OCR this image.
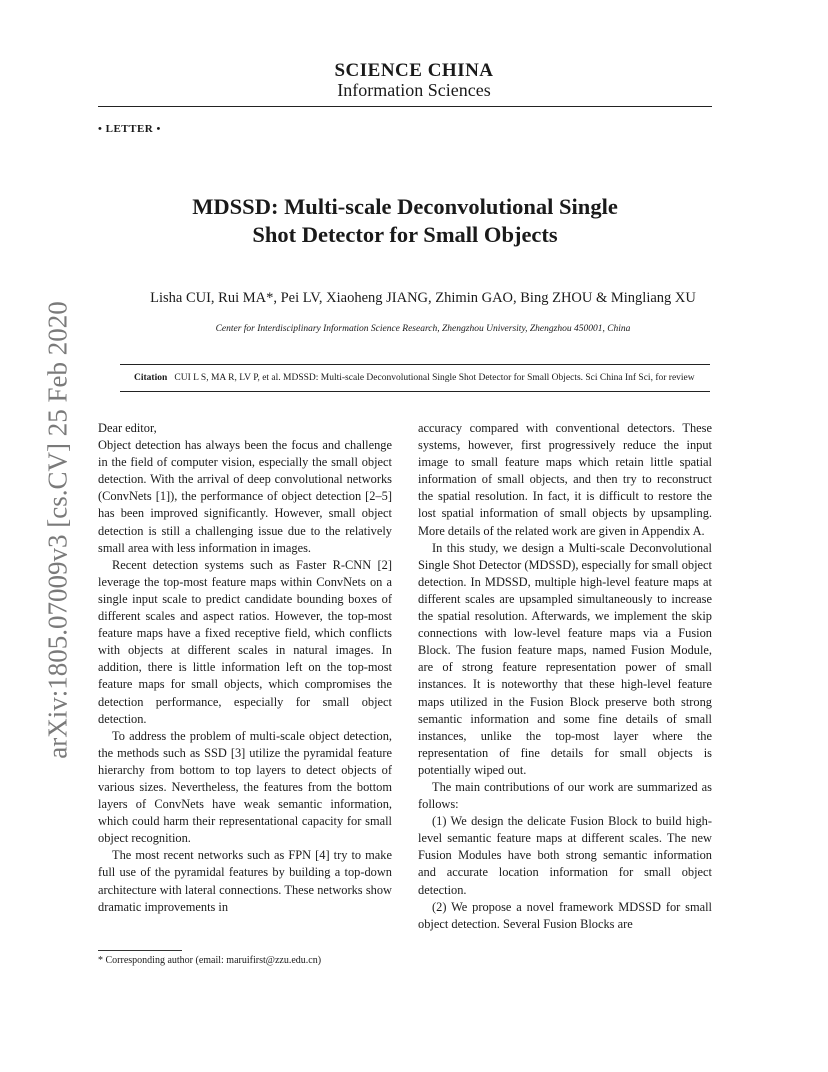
SCIENCE CHINA
Information Sciences
• LETTER •
MDSSD: Multi-scale Deconvolutional Single
Shot Detector for Small Objects
Lisha CUI, Rui MA*, Pei LV, Xiaoheng JIANG, Zhimin GAO, Bing ZHOU & Mingliang XU
Center for Interdisciplinary Information Science Research, Zhengzhou University, Zhengzhou 450001, China
Citation CUI L S, MA R, LV P, et al. MDSSD: Multi-scale Deconvolutional Single Shot Detector for Small Objects. Sci China Inf Sci, for review
arXiv:1805.07009v3 [cs.CV] 25 Feb 2020 Dear editor,

Object detection has always been the focus and challenge in the field of computer vision, especially the small object detection. With the arrival of deep convolutional networks (ConvNets [1]), the performance of object detection [2–5] has been improved significantly. However, small object detection is still a challenging issue due to the relatively small area with less information in images.

Recent detection systems such as Faster R-CNN [2] leverage the top-most feature maps within ConvNets on a single input scale to predict candidate bounding boxes of different scales and aspect ratios. However, the top-most feature maps have a fixed receptive field, which conflicts with objects at different scales in natural images. In addition, there is little information left on the top-most feature maps for small objects, which compromises the detection performance, especially for small object detection.

To address the problem of multi-scale object detection, the methods such as SSD [3] utilize the pyramidal feature hierarchy from bottom to top layers to detect objects of various sizes. Nevertheless, the features from the bottom layers of ConvNets have weak semantic information, which could harm their representational capacity for small object recognition.

The most recent networks such as FPN [4] try to make full use of the pyramidal features by building a top-down architecture with lateral connections. These networks show dramatic improvements in

accuracy compared with conventional detectors. These systems, however, first progressively reduce the input image to small feature maps which retain little spatial information of small objects, and then try to reconstruct the spatial resolution. In fact, it is difficult to restore the lost spatial information of small objects by upsampling. More details of the related work are given in Appendix A.

In this study, we design a Multi-scale Deconvolutional Single Shot Detector (MDSSD), especially for small object detection. In MDSSD, multiple high-level feature maps at different scales are upsampled simultaneously to increase the spatial resolution. Afterwards, we implement the skip connections with low-level feature maps via a Fusion Block. The fusion feature maps, named Fusion Module, are of strong feature representation power of small instances. It is noteworthy that these high-level feature maps utilized in the Fusion Block preserve both strong semantic information and some fine details of small instances, unlike the top-most layer where the representation of fine details for small objects is potentially wiped out.

The main contributions of our work are summarized as follows:

(1) We design the delicate Fusion Block to build high-level semantic feature maps at different scales. The new Fusion Modules have both strong semantic information and accurate location information for small object detection.

(2) We propose a novel framework MDSSD for small object detection. Several Fusion Blocks are

* Corresponding author (email: maruifirst@zzu.edu.cn)
